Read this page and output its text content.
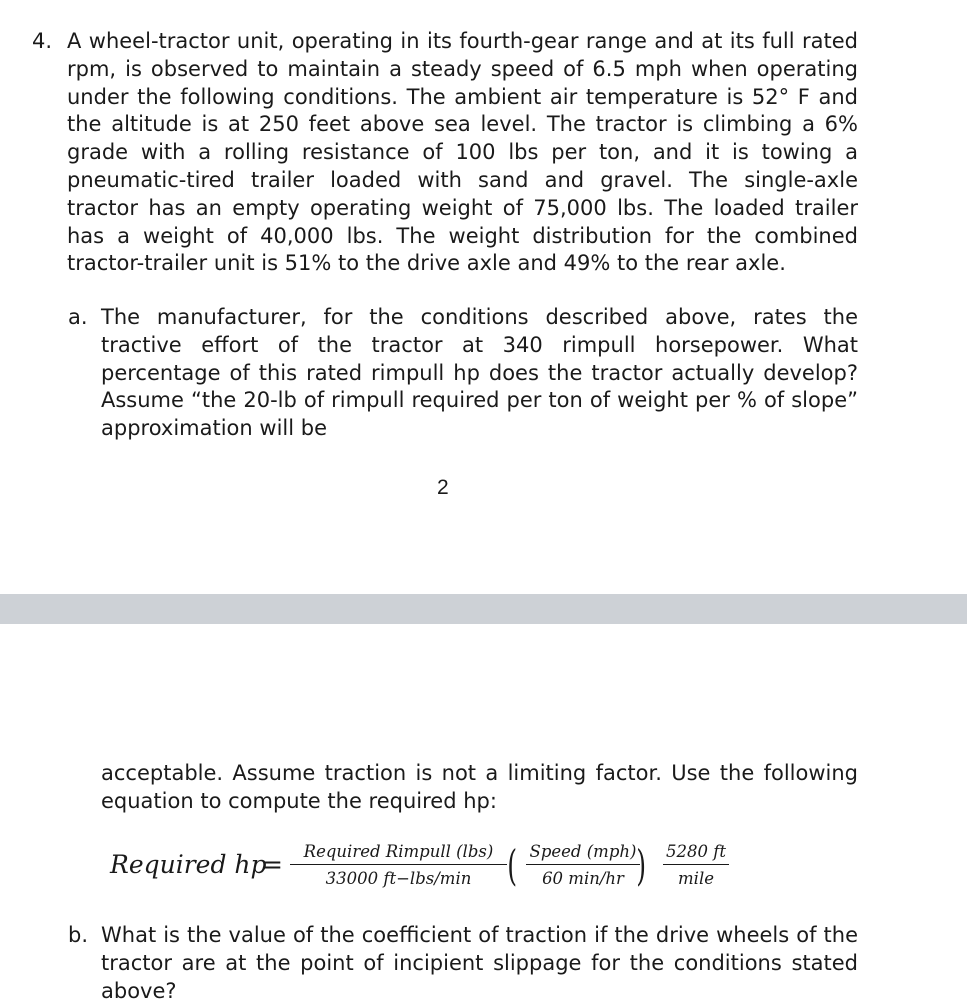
4. A wheel-tractor unit, operating in its fourth-gear range and at its full rated rpm, is observed to maintain a steady speed of 6.5 mph when operating under the following conditions. The ambient air temperature is 52° F and the altitude is at 250 feet above sea level. The tractor is climbing a 6% grade with a rolling resistance of 100 lbs per ton, and it is towing a pneumatic-tired trailer loaded with sand and gravel. The single-axle tractor has an empty operating weight of 75,000 lbs. The loaded trailer has a weight of 40,000 lbs. The weight distribution for the combined tractor-trailer unit is 51% to the drive axle and 49% to the rear axle.
a. The manufacturer, for the conditions described above, rates the tractive effort of the tractor at 340 rimpull horsepower. What percentage of this rated rimpull hp does the tractor actually develop? Assume “the 20-lb of rimpull required per ton of weight per % of slope” approximation will be
2
acceptable. Assume traction is not a limiting factor. Use the following equation to compute the required hp:
Required hp
=	Required Rimpull (lbs)
33000 ft−lbs/min ( Speed (mph)
60 min/hr ) 5280 ft
mile
b. What is the value of the coefficient of traction if the drive wheels of the tractor are at the point of incipient slippage for the conditions stated above?
